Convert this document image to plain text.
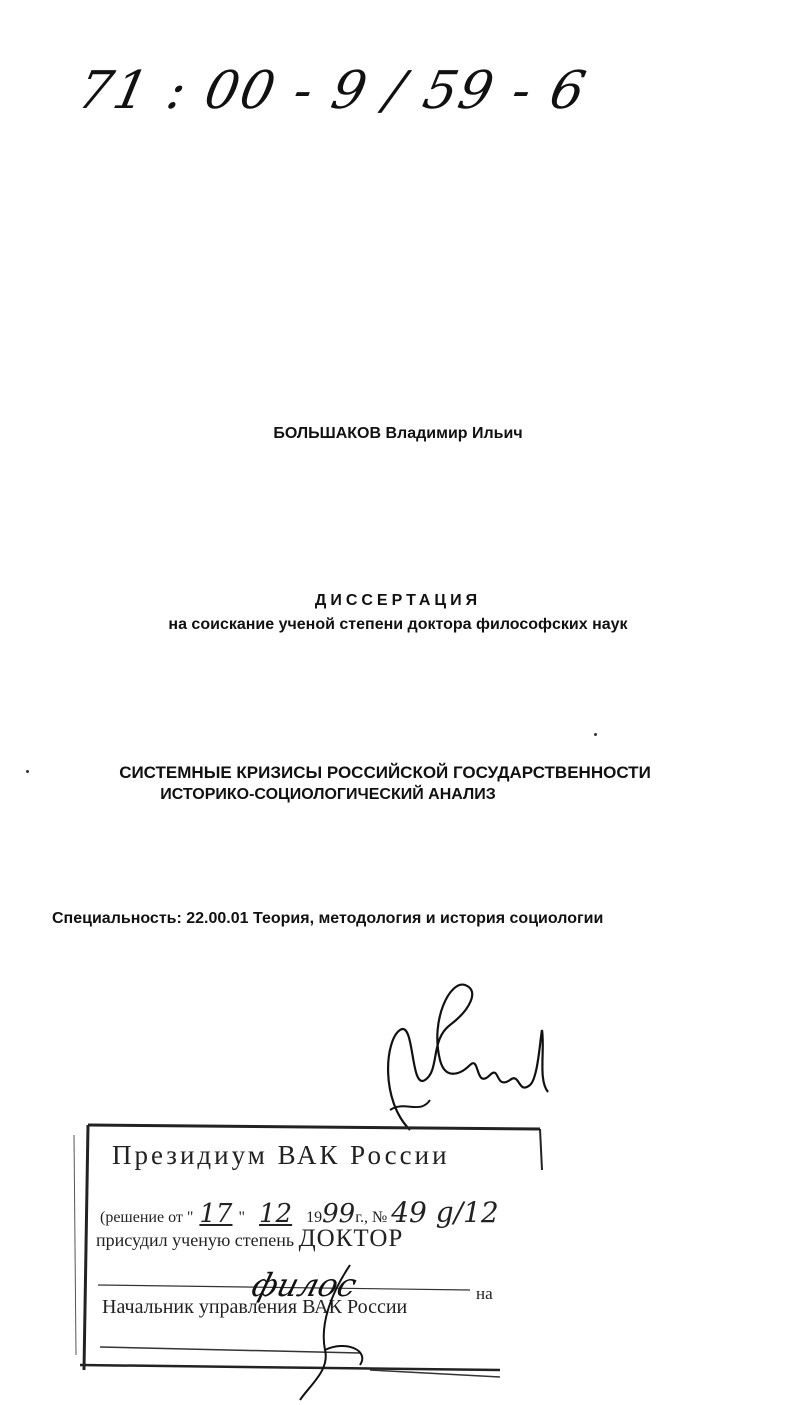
71 : 00 - 9 / 59 - 6
БОЛЬШАКОВ Владимир Ильич
ДИССЕРТАЦИЯ
на соискание ученой степени доктора философских наук
СИСТЕМНЫЕ КРИЗИСЫ РОССИЙСКОЙ ГОСУДАРСТВЕННОСТИ
ИСТОРИКО-СОЦИОЛОГИЧЕСКИЙ АНАЛИЗ
Специальность: 22.00.01 Теория, методология и история социологии
Президиум ВАК России
(решение от " 17 " 12 1999г., № 49 g/12
присудил ученую степень ДОКТОР
филос	на
Начальник управления ВАК России
